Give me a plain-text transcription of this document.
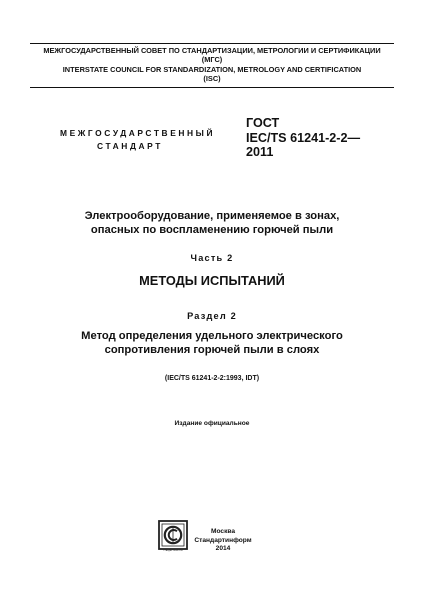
МЕЖГОСУДАРСТВЕННЫЙ СОВЕТ ПО СТАНДАРТИЗАЦИИ, МЕТРОЛОГИИ И СЕРТИФИКАЦИИ
(МГС)
INTERSTATE COUNCIL FOR STANDARDIZATION, METROLOGY AND CERTIFICATION
(ISC)
МЕЖГОСУДАРСТВЕННЫЙ
СТАНДАРТ
ГОСТ
IEC/TS 61241-2-2—
2011
Электрооборудование, применяемое в зонах,
опасных по воспламенению горючей пыли
Часть 2
МЕТОДЫ ИСПЫТАНИЙ
Раздел 2
Метод определения удельного электрического
сопротивления горючей пыли в слоях
(IEC/TS 61241-2-2:1993, IDT)
Издание официальное
СТАНДАРТИНФОРМ
Москва
Стандартинформ
2014
